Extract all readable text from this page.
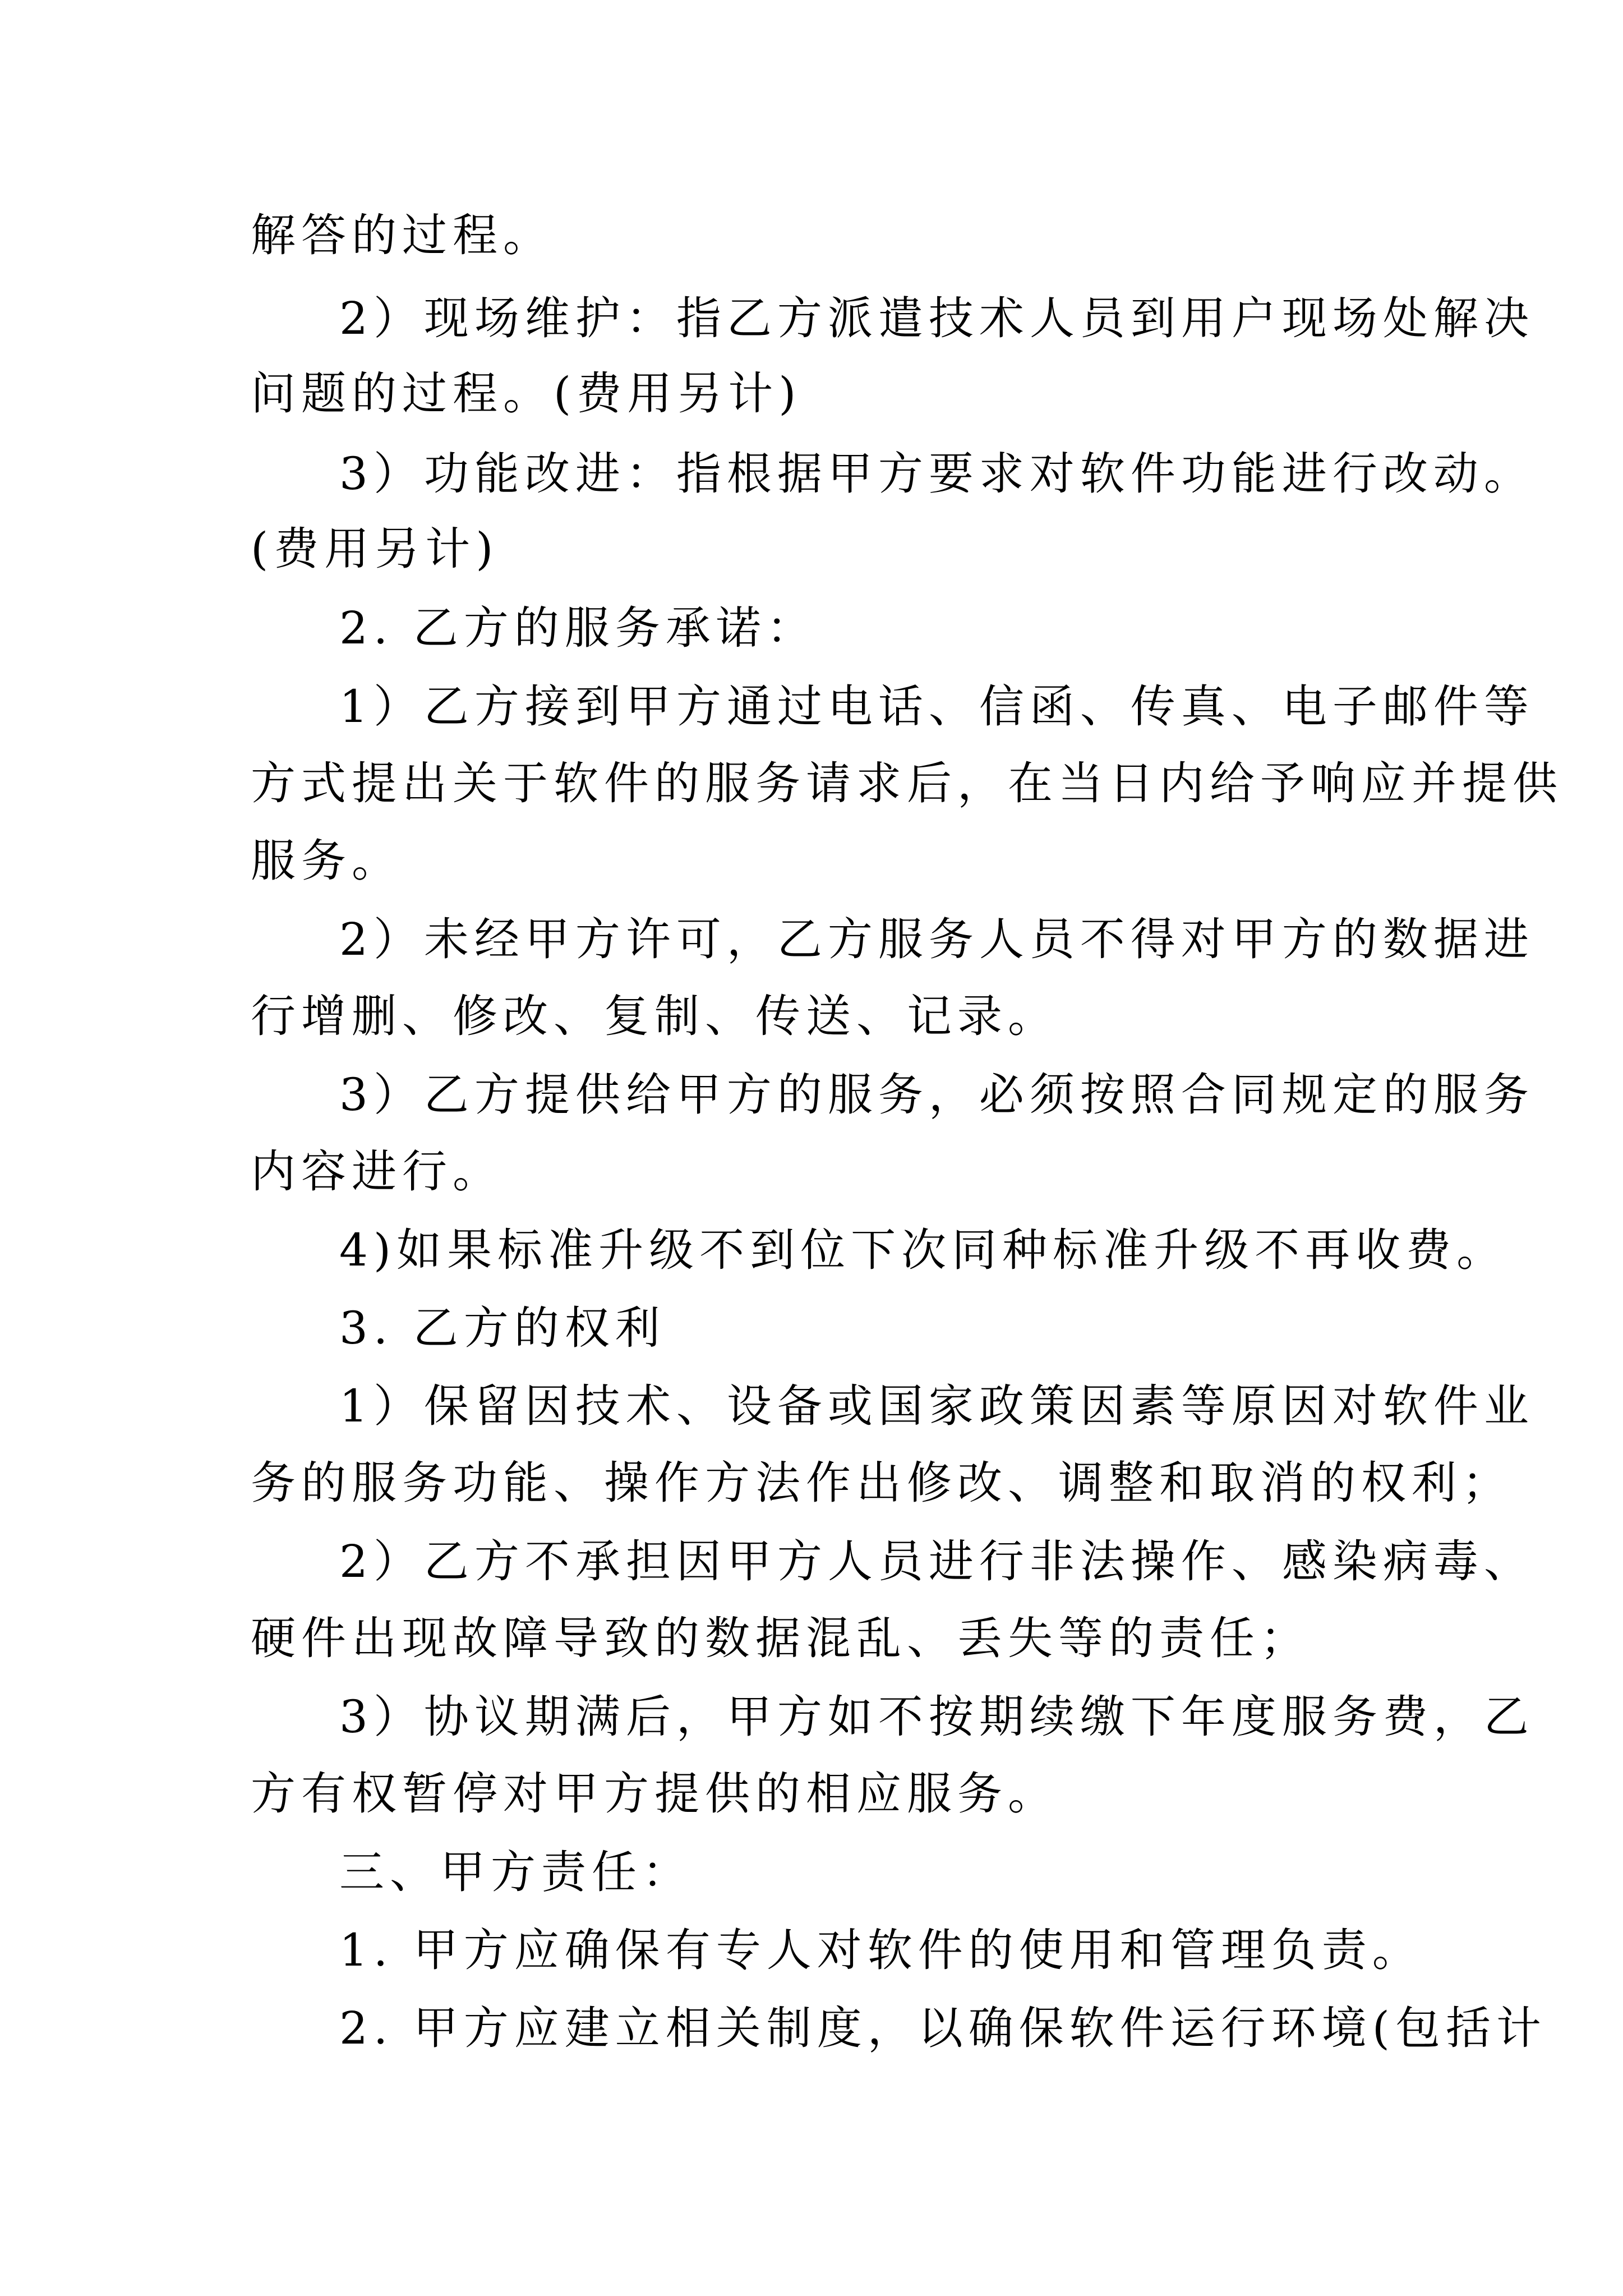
解答的过程。
2）现场维护：指乙方派遣技术人员到用户现场处解决
问题的过程。(费用另计)
3）功能改进：指根据甲方要求对软件功能进行改动。
(费用另计)
2. 乙方的服务承诺：
1）乙方接到甲方通过电话、信函、传真、电子邮件等
方式提出关于软件的服务请求后，在当日内给予响应并提供
服务。
2）未经甲方许可，乙方服务人员不得对甲方的数据进
行增删、修改、复制、传送、记录。
3）乙方提供给甲方的服务，必须按照合同规定的服务
内容进行。
4)如果标准升级不到位下次同种标准升级不再收费。
3. 乙方的权利
1）保留因技术、设备或国家政策因素等原因对软件业
务的服务功能、操作方法作出修改、调整和取消的权利；
2）乙方不承担因甲方人员进行非法操作、感染病毒、
硬件出现故障导致的数据混乱、丢失等的责任；
3）协议期满后，甲方如不按期续缴下年度服务费，乙
方有权暂停对甲方提供的相应服务。
三、甲方责任：
1. 甲方应确保有专人对软件的使用和管理负责。
2. 甲方应建立相关制度，以确保软件运行环境(包括计
